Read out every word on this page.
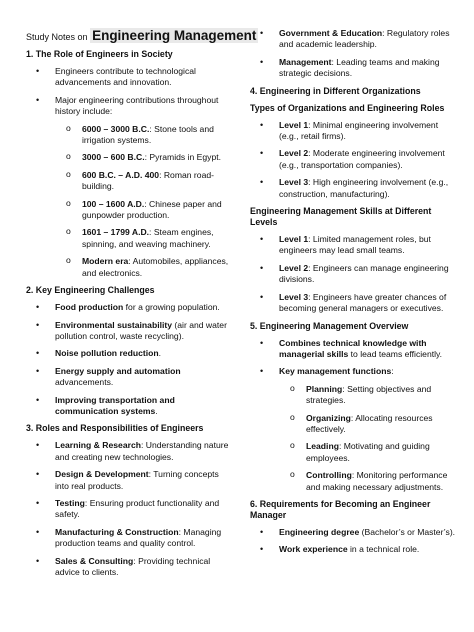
Study Notes on Engineering Management
1. The Role of Engineers in Society
• Engineers contribute to technological advancements and innovation.
• Major engineering contributions throughout history include:
o 6000 – 3000 B.C.: Stone tools and irrigation systems.
o 3000 – 600 B.C.: Pyramids in Egypt.
o 600 B.C. – A.D. 400: Roman road-building.
o 100 – 1600 A.D.: Chinese paper and gunpowder production.
o 1601 – 1799 A.D.: Steam engines, spinning, and weaving machinery.
o Modern era: Automobiles, appliances, and electronics.
2. Key Engineering Challenges
• Food production for a growing population.
• Environmental sustainability (air and water pollution control, waste recycling).
• Noise pollution reduction.
• Energy supply and automation advancements.
• Improving transportation and communication systems.
3. Roles and Responsibilities of Engineers
• Learning & Research: Understanding nature and creating new technologies.
• Design & Development: Turning concepts into real products.
• Testing: Ensuring product functionality and safety.
• Manufacturing & Construction: Managing production teams and quality control.
• Sales & Consulting: Providing technical advice to clients.
• Government & Education: Regulatory roles and academic leadership.
• Management: Leading teams and making strategic decisions.
4. Engineering in Different Organizations
Types of Organizations and Engineering Roles
• Level 1: Minimal engineering involvement (e.g., retail firms).
• Level 2: Moderate engineering involvement (e.g., transportation companies).
• Level 3: High engineering involvement (e.g., construction, manufacturing).
Engineering Management Skills at Different Levels
• Level 1: Limited management roles, but engineers may lead small teams.
• Level 2: Engineers can manage engineering divisions.
• Level 3: Engineers have greater chances of becoming general managers or executives.
5. Engineering Management Overview
• Combines technical knowledge with managerial skills to lead teams efficiently.
• Key management functions:
o Planning: Setting objectives and strategies.
o Organizing: Allocating resources effectively.
o Leading: Motivating and guiding employees.
o Controlling: Monitoring performance and making necessary adjustments.
6. Requirements for Becoming an Engineer Manager
• Engineering degree (Bachelor’s or Master’s).
• Work experience in a technical role.
